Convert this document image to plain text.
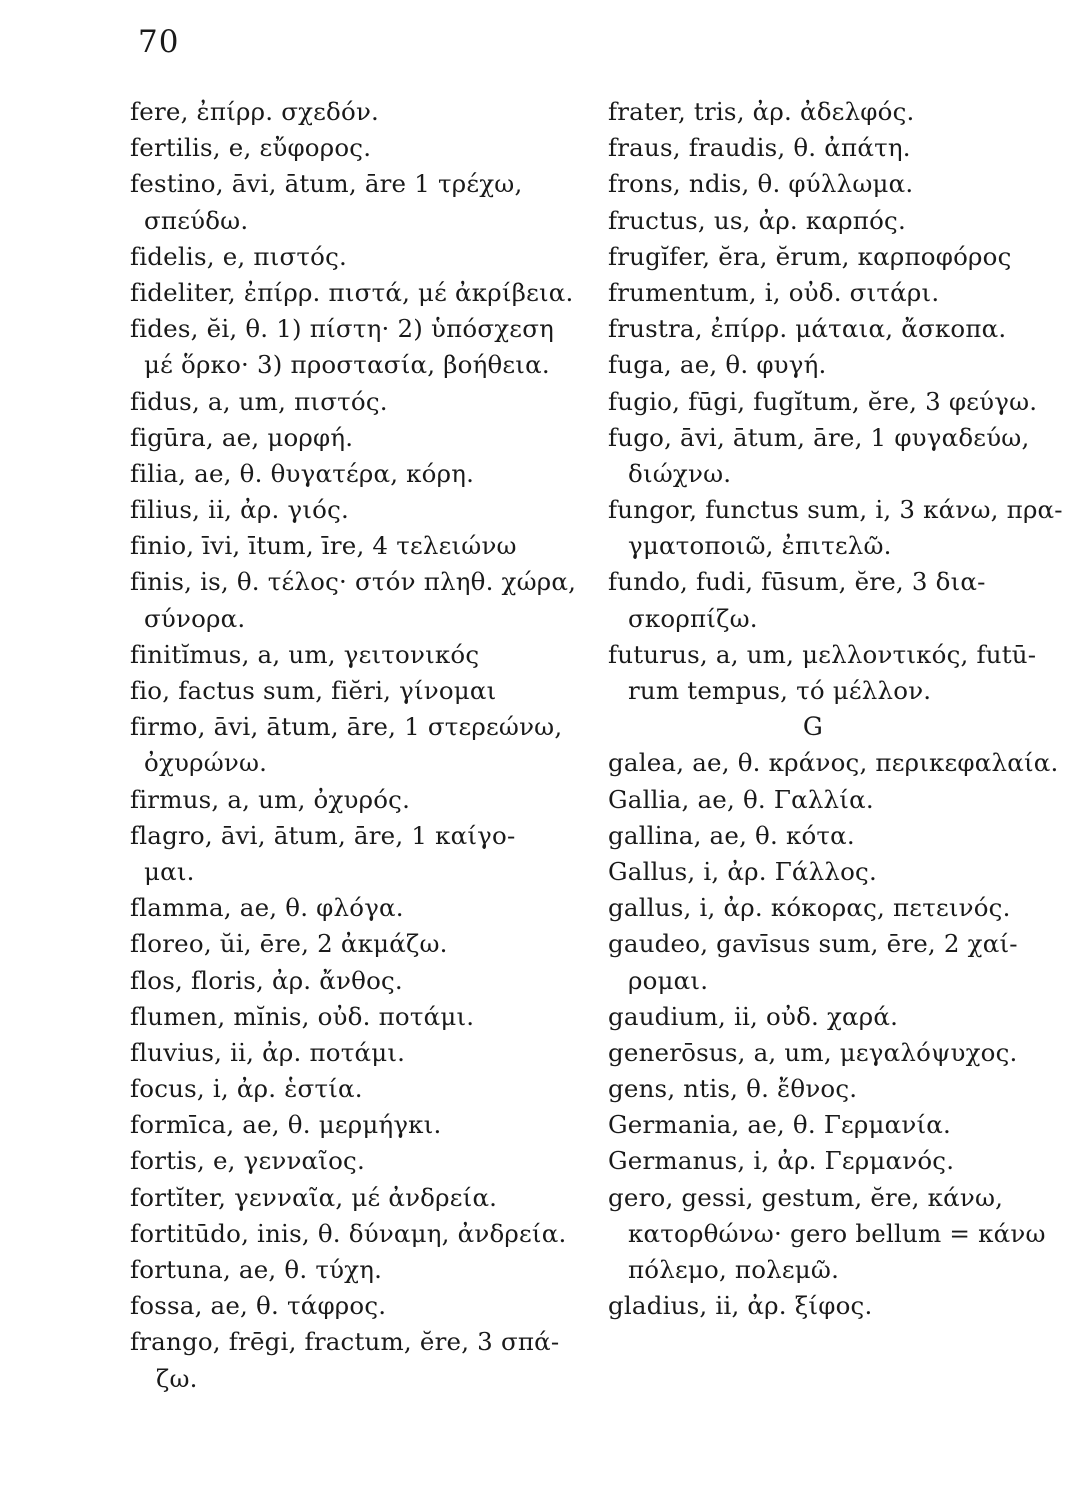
70
fere, ἐπίρρ. σχεδόν.
fertilis, e, εὔφορος.
festino, āvi, ātum, āre 1 τρέχω,
σπεύδω.
fidelis, e, πιστός.
fideliter, ἐπίρρ. πιστά, μέ ἀκρίβεια.
fides, ĕi, θ. 1) πίστη· 2) ὑπόσχεση
μέ ὅρκο· 3) προστασία, βοήθεια.
fidus, a, um, πιστός.
figūra, ae, μορφή.
filia, ae, θ. θυγατέρα, κόρη.
filius, ii, ἀρ. γιός.
finio, īvi, ītum, īre, 4 τελειώνω
finis, is, θ. τέλος· στόν πληθ. χώρα,
σύνορα.
finitĭmus, a, um, γειτονικός
fio, factus sum, fiĕri, γίνομαι
firmo, āvi, ātum, āre, 1 στερεώνω,
ὀχυρώνω.
firmus, a, um, ὀχυρός.
flagro, āvi, ātum, āre, 1 καίγο-
μαι.
flamma, ae, θ. φλόγα.
floreo, ŭi, ēre, 2 ἀκμάζω.
flos, floris, ἀρ. ἄνθος.
flumen, mĭnis, οὐδ. ποτάμι.
fluvius, ii, ἀρ. ποτάμι.
focus, i, ἀρ. ἑστία.
formīca, ae, θ. μερμήγκι.
fortis, e, γενναῖος.
fortĭter, γενναῖα, μέ ἀνδρεία.
fortitūdo, inis, θ. δύναμη, ἀνδρεία.
fortuna, ae, θ. τύχη.
fossa, ae, θ. τάφρος.
frango, frēgi, fractum, ĕre, 3 σπά-
ζω.
frater, tris, ἀρ. ἀδελφός.
fraus, fraudis, θ. ἀπάτη.
frons, ndis, θ. φύλλωμα.
fructus, us, ἀρ. καρπός.
frugĭfer, ĕra, ĕrum, καρποφόρος
frumentum, i, οὐδ. σιτάρι.
frustra, ἐπίρρ. μάταια, ἄσκοπα.
fuga, ae, θ. φυγή.
fugio, fūgi, fugĭtum, ĕre, 3 φεύγω.
fugo, āvi, ātum, āre, 1 φυγαδεύω,
διώχνω.
fungor, functus sum, i, 3 κάνω, πρα-
γματοποιῶ, ἐπιτελῶ.
fundo, fudi, fūsum, ĕre, 3 δια-
σκορπίζω.
futurus, a, um, μελλοντικός, futū-
rum tempus, τό μέλλον.
G
galea, ae, θ. κράνος, περικεφαλαία.
Gallia, ae, θ. Γαλλία.
gallina, ae, θ. κότα.
Gallus, i, ἀρ. Γάλλος.
gallus, i, ἀρ. κόκορας, πετεινός.
gaudeo, gavīsus sum, ēre, 2 χαί-
ρομαι.
gaudium, ii, οὐδ. χαρά.
generōsus, a, um, μεγαλόψυχος.
gens, ntis, θ. ἔθνος.
Germania, ae, θ. Γερμανία.
Germanus, i, ἀρ. Γερμανός.
gero, gessi, gestum, ĕre, κάνω,
κατορθώνω· gero bellum = κάνω
πόλεμο, πολεμῶ.
gladius, ii, ἀρ. ξίφος.
